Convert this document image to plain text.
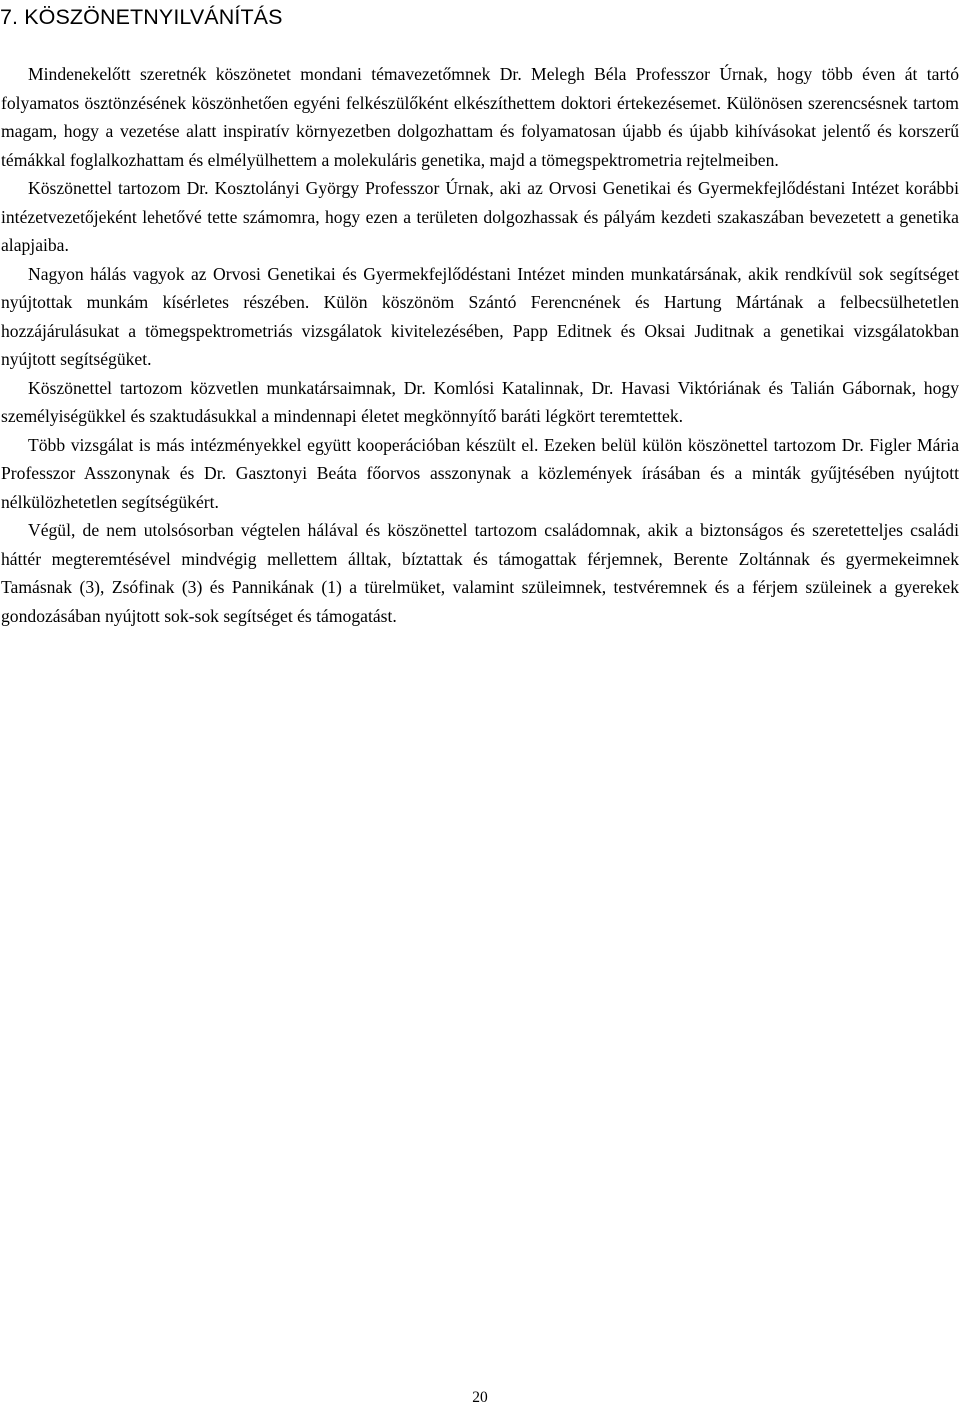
7. KÖSZÖNETNYILVÁNÍTÁS

Mindenekelőtt szeretnék köszönetet mondani témavezetőmnek Dr. Melegh Béla Professzor Úrnak, hogy több éven át tartó folyamatos ösztönzésének köszönhetően egyéni felkészülőként elkészíthettem doktori értekezésemet. Különösen szerencsésnek tartom magam, hogy a vezetése alatt inspiratív környezetben dolgozhattam és folyamatosan újabb és újabb kihívásokat jelentő és korszerű témákkal foglalkozhattam és elmélyülhettem a molekuláris genetika, majd a tömegspektrometria rejtelmeiben.

Köszönettel tartozom Dr. Kosztolányi György Professzor Úrnak, aki az Orvosi Genetikai és Gyermekfejlődéstani Intézet korábbi intézetvezetőjeként lehetővé tette számomra, hogy ezen a területen dolgozhassak és pályám kezdeti szakaszában bevezetett a genetika alapjaiba.

Nagyon hálás vagyok az Orvosi Genetikai és Gyermekfejlődéstani Intézet minden munkatársának, akik rendkívül sok segítséget nyújtottak munkám kísérletes részében. Külön köszönöm Szántó Ferencnének és Hartung Mártának a felbecsülhetetlen hozzájárulásukat a tömegspektrometriás vizsgálatok kivitelezésében, Papp Editnek és Oksai Juditnak a genetikai vizsgálatokban nyújtott segítségüket.

Köszönettel tartozom közvetlen munkatársaimnak, Dr. Komlósi Katalinnak, Dr. Havasi Viktóriának és Talián Gábornak, hogy személyiségükkel és szaktudásukkal a mindennapi életet megkönnyítő baráti légkört teremtettek.

Több vizsgálat is más intézményekkel együtt kooperációban készült el. Ezeken belül külön köszönettel tartozom Dr. Figler Mária Professzor Asszonynak és Dr. Gasztonyi Beáta főorvos asszonynak a közlemények írásában és a minták gyűjtésében nyújtott nélkülözhetetlen segítségükért.

Végül, de nem utolsósorban végtelen hálával és köszönettel tartozom családomnak, akik a biztonságos és szeretetteljes családi háttér megteremtésével mindvégig mellettem álltak, bíztattak és támogattak férjemnek, Berente Zoltánnak és gyermekeimnek Tamásnak (3), Zsófinak (3) és Pannikának (1) a türelmüket, valamint szüleimnek, testvéremnek és a férjem szüleinek a gyerekek gondozásában nyújtott sok-sok segítséget és támogatást.

20
